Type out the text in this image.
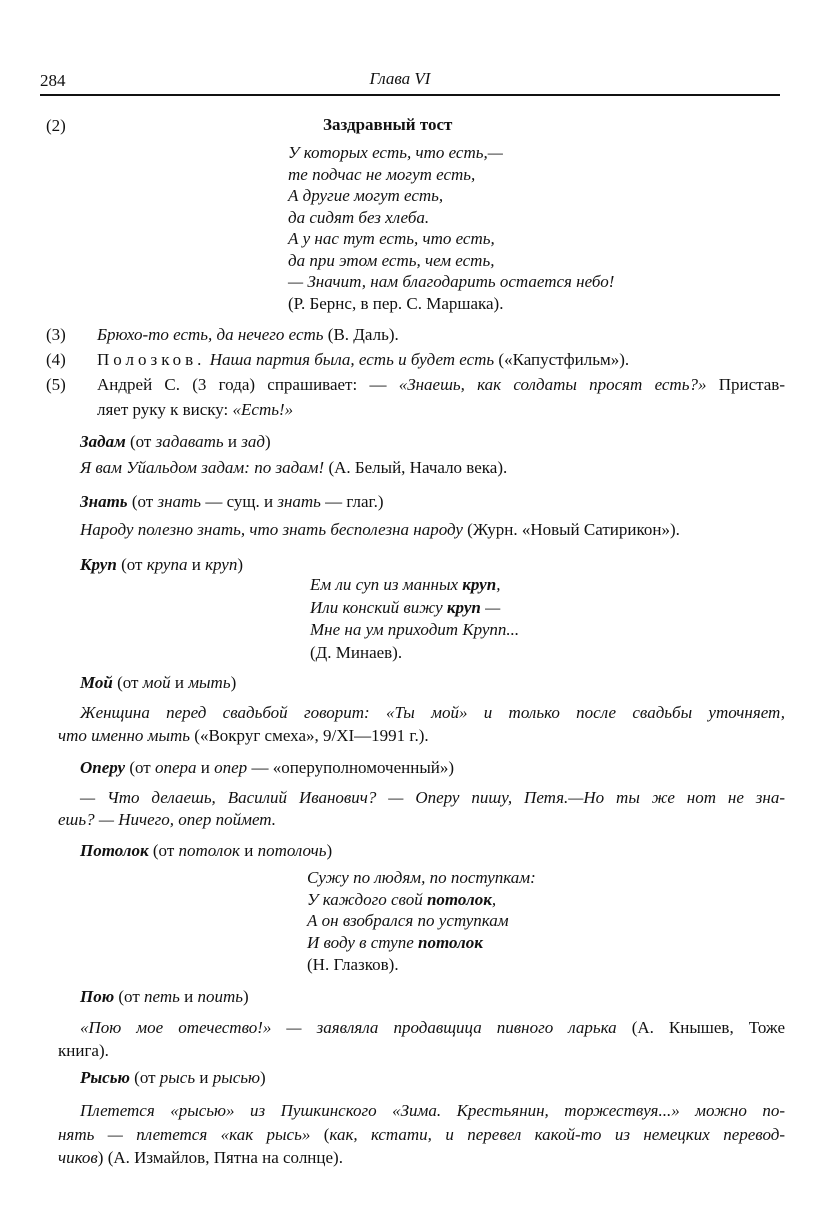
284	Глава VI
(2)	Заздравный тост
У которых есть, что есть,—
те подчас не могут есть,
А другие могут есть,
да сидят без хлеба.
А у нас тут есть, что есть,
да при этом есть, чем есть,
— Значит, нам благодарить остается небо!
(Р. Бернс, в пер. С. Маршака).
(3) Брюхо-то есть, да нечего есть (В. Даль).
(4) Полозков. Наша партия была, есть и будет есть («Капустфильм»).
(5) Андрей С. (3 года) спрашивает: — «Знаешь, как солдаты просят есть?» Пристав-
ляет руку к виску: «Есть!»
Задам (от задавать и зад)
Я вам Уйальдом задам: по задам! (А. Белый, Начало века).
Знать (от знать — сущ. и знать — глаг.)
Народу полезно знать, что знать бесполезна народу (Журн. «Новый Сатирикон»).
Круп (от крупа и круп)
Ем ли суп из манных круп,
Или конский вижу круп —
Мне на ум приходит Крупп...
(Д. Минаев).
Мой (от мой и мыть)
Женщина перед свадьбой говорит: «Ты мой» и только после свадьбы уточняет,
что именно мыть («Вокруг смеха», 9/XI—1991 г.).
Оперу (от опера и опер — «оперуполномоченный»)
— Что делаешь, Василий Иванович? — Оперу пишу, Петя.—Но ты же нот не зна-
ешь? — Ничего, опер поймет.
Потолок (от потолок и потолочь)
Сужу по людям, по поступкам:
У каждого свой потолок,
А он взобрался по уступкам
И воду в ступе потолок
(Н. Глазков).
Пою (от петь и поить)
«Пою мое отечество!» — заявляла продавщица пивного ларька (А. Кнышев, Тоже
книга).
Рысью (от рысь и рысью)
Плетется «рысью» из Пушкинского «Зима. Крестьянин, торжествуя...» можно по-
нять — плетется «как рысь» (как, кстати, и перевел какой-то из немецких перевод-
чиков) (А. Измайлов, Пятна на солнце).
